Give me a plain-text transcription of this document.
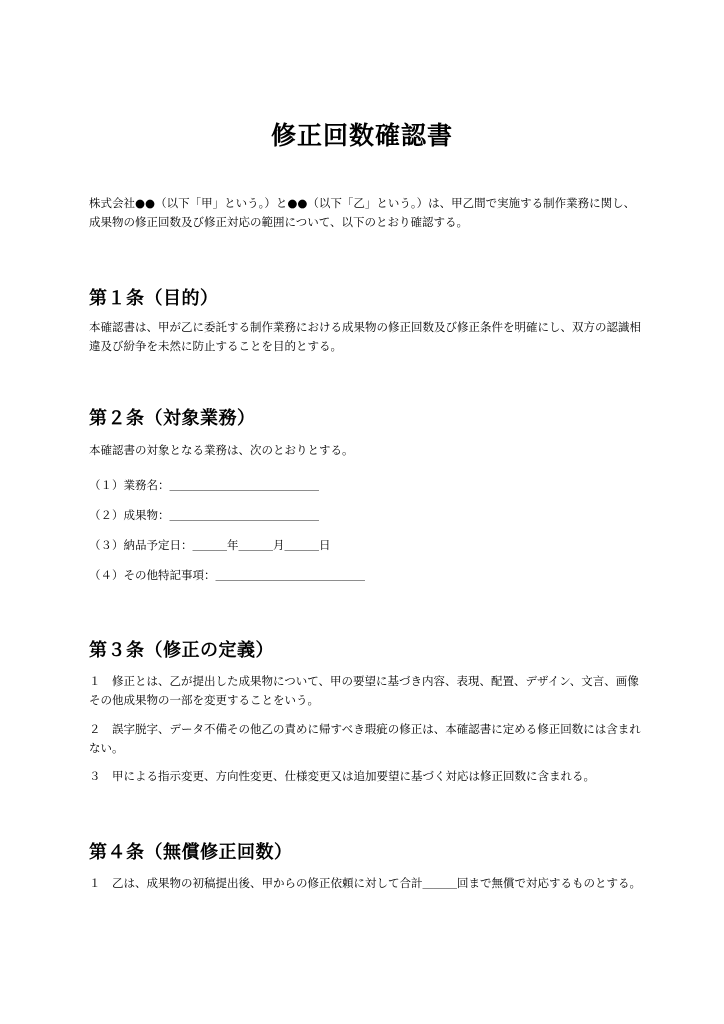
修正回数確認書
株式会社●●（以下「甲」という。）と●●（以下「乙」という。）は、甲乙間で実施する制作業務に関し、成果物の修正回数及び修正対応の範囲について、以下のとおり確認する。
第１条（目的）
本確認書は、甲が乙に委託する制作業務における成果物の修正回数及び修正条件を明確にし、双方の認識相違及び紛争を未然に防止することを目的とする。
第２条（対象業務）
本確認書の対象となる業務は、次のとおりとする。
（１）業務名：＿＿＿＿＿＿＿＿＿＿＿＿＿
（２）成果物：＿＿＿＿＿＿＿＿＿＿＿＿＿
（３）納品予定日：＿＿＿年＿＿＿月＿＿＿日
（４）その他特記事項：＿＿＿＿＿＿＿＿＿＿＿＿＿
第３条（修正の定義）
１　修正とは、乙が提出した成果物について、甲の要望に基づき内容、表現、配置、デザイン、文言、画像その他成果物の一部を変更することをいう。
２　誤字脱字、データ不備その他乙の責めに帰すべき瑕疵の修正は、本確認書に定める修正回数には含まれない。
３　甲による指示変更、方向性変更、仕様変更又は追加要望に基づく対応は修正回数に含まれる。
第４条（無償修正回数）
１　乙は、成果物の初稿提出後、甲からの修正依頼に対して合計＿＿＿回まで無償で対応するものとする。
